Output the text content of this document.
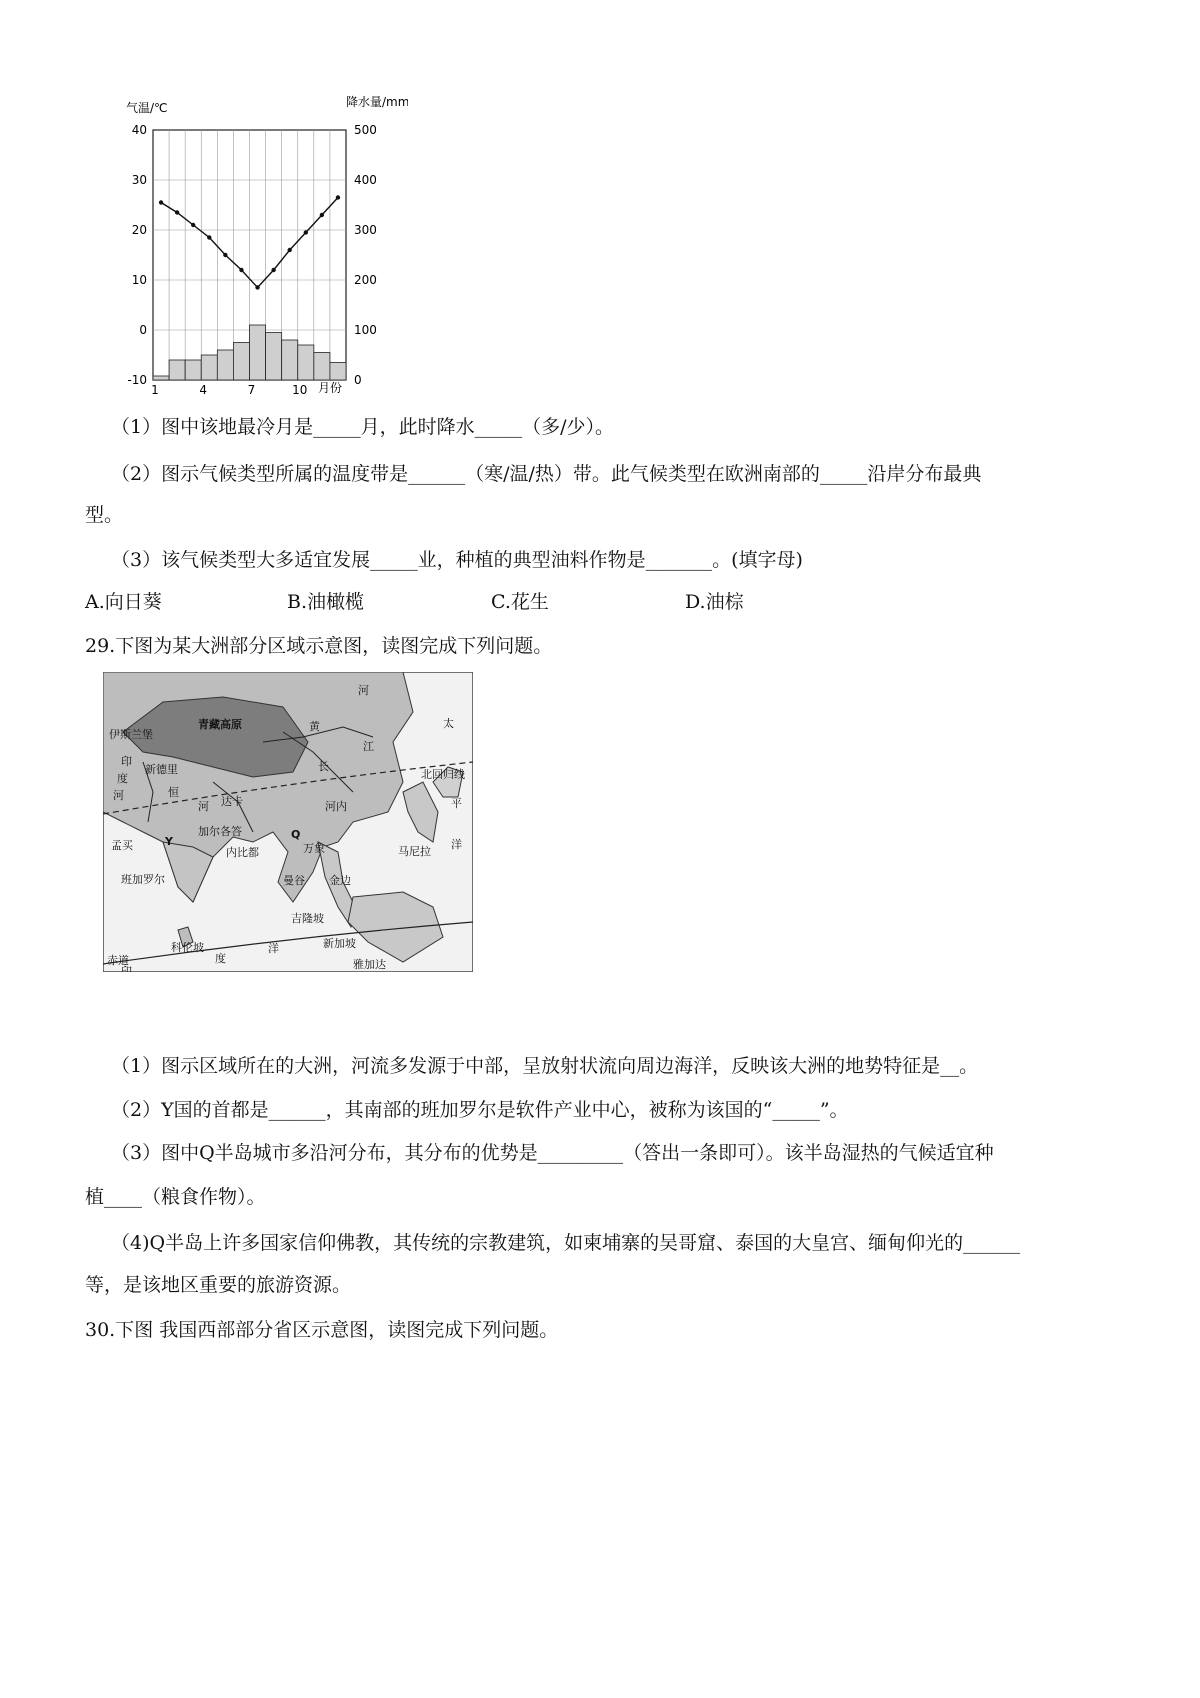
气温/℃	降水量/mm
月份
40
30
20
10
0
-10
500
400
300
200
100
0
1	4	7	10
（1）图中该地最冷月是_____月，此时降水_____（多/少）。
（2）图示气候类型所属的温度带是______（寒/温/热）带。此气候类型在欧洲南部的_____沿岸分布最典
型。
（3）该气候类型大多适宜发展_____业，种植的典型油料作物是_______。(填字母)
A.向日葵	B.油橄榄	C.花生	D.油棕
29.下图为某大洲部分区域示意图，读图完成下列问题。
青藏高原
伊斯兰堡
新德里
达卡
加尔各答
孟买	Y
班加罗尔
科伦坡
内比都
Q
河内
万象
曼谷 金边
吉隆坡
新加坡
雅加达
马尼拉
北回归线
赤道
印
度
河	恒
河
黄
河
长
江
太
平
洋
印
度
洋
（1）图示区域所在的大洲，河流多发源于中部，呈放射状流向周边海洋，反映该大洲的地势特征是__。
（2）Y国的首都是______，其南部的班加罗尔是软件产业中心，被称为该国的“_____”。
（3）图中Q半岛城市多沿河分布，其分布的优势是_________（答出一条即可）。该半岛湿热的气候适宜种
植____（粮食作物）。
（4)Q半岛上许多国家信仰佛教，其传统的宗教建筑，如柬埔寨的吴哥窟、泰国的大皇宫、缅甸仰光的______
等，是该地区重要的旅游资源。
30.下图 我国西部部分省区示意图，读图完成下列问题。
